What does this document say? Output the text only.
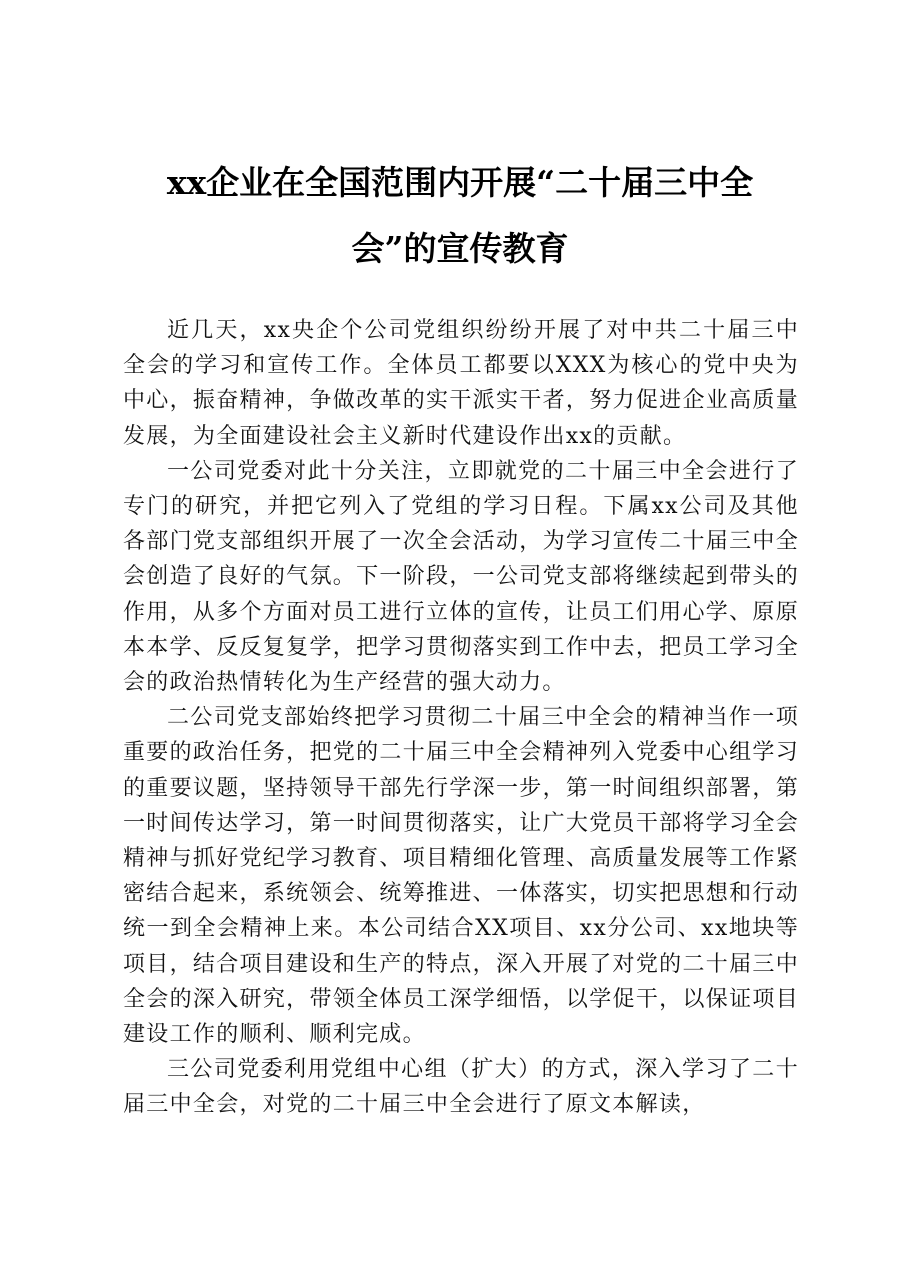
xx企业在全国范围内开展“二十届三中全
会”的宣传教育

近几天，xx央企个公司党组织纷纷开展了对中共二十届三中全会的学习和宣传工作。全体员工都要以XXX为核心的党中央为中心，振奋精神，争做改革的实干派实干者，努力促进企业高质量发展，为全面建设社会主义新时代建设作出xx的贡献。

一公司党委对此十分关注，立即就党的二十届三中全会进行了专门的研究，并把它列入了党组的学习日程。下属xx公司及其他各部门党支部组织开展了一次全会活动，为学习宣传二十届三中全会创造了良好的气氛。下一阶段，一公司党支部将继续起到带头的作用，从多个方面对员工进行立体的宣传，让员工们用心学、原原本本学、反反复复学，把学习贯彻落实到工作中去，把员工学习全会的政治热情转化为生产经营的强大动力。

二公司党支部始终把学习贯彻二十届三中全会的精神当作一项重要的政治任务，把党的二十届三中全会精神列入党委中心组学习的重要议题，坚持领导干部先行学深一步，第一时间组织部署，第一时间传达学习，第一时间贯彻落实，让广大党员干部将学习全会精神与抓好党纪学习教育、项目精细化管理、高质量发展等工作紧密结合起来，系统领会、统筹推进、一体落实，切实把思想和行动统一到全会精神上来。本公司结合XX项目、xx分公司、xx地块等项目，结合项目建设和生产的特点，深入开展了对党的二十届三中全会的深入研究，带领全体员工深学细悟，以学促干，以保证项目建设工作的顺利、顺利完成。

三公司党委利用党组中心组（扩大）的方式，深入学习了二十届三中全会，对党的二十届三中全会进行了原文本解读，
